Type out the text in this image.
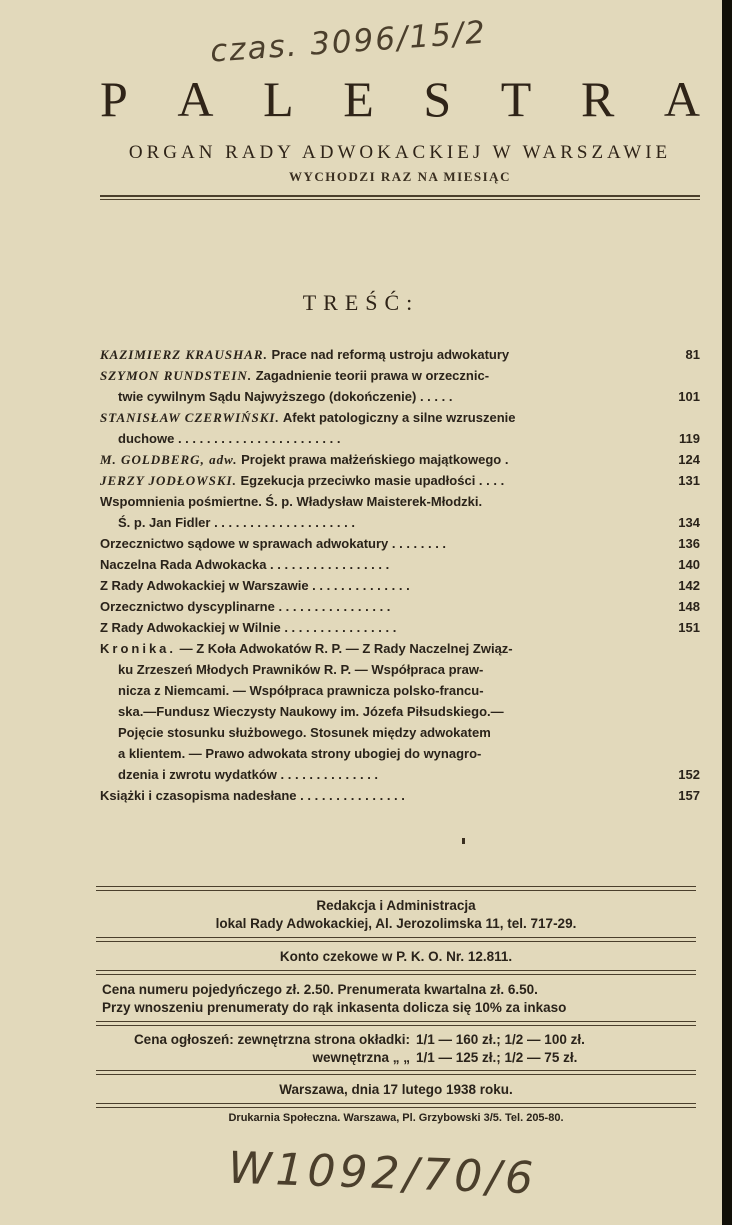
czas. 3096/15/2
P A L E S T R A
ORGAN RADY ADWOKACKIEJ W WARSZAWIE
WYCHODZI RAZ NA MIESIĄC
TREŚĆ:
KAZIMIERZ KRAUSHAR. Prace nad reformą ustroju adwokatury	81
SZYMON RUNDSTEIN. Zagadnienie teorii prawa w orzecznic-
twie cywilnym Sądu Najwyższego (dokończenie) . . . . .	101
STANISŁAW CZERWIŃSKI. Afekt patologiczny a silne wzruszenie
duchowe . . . . . . . . . . . . . . . . . . . . . . .	119
M. GOLDBERG, adw. Projekt prawa małżeńskiego majątkowego .	124
JERZY JODŁOWSKI. Egzekucja przeciwko masie upadłości . . . .	131
Wspomnienia pośmiertne. Ś. p. Władysław Maisterek-Młodzki.
Ś. p. Jan Fidler . . . . . . . . . . . . . . . . . . . .	134
Orzecznictwo sądowe w sprawach adwokatury . . . . . . . .	136
Naczelna Rada Adwokacka . . . . . . . . . . . . . . . . .	140
Z Rady Adwokackiej w Warszawie . . . . . . . . . . . . . .	142
Orzecznictwo dyscyplinarne . . . . . . . . . . . . . . . .	148
Z Rady Adwokackiej w Wilnie . . . . . . . . . . . . . . . .	151
Kronika. — Z Koła Adwokatów R. P. — Z Rady Naczelnej Związ-
ku Zrzeszeń Młodych Prawników R. P. — Współpraca praw-
nicza z Niemcami. — Współpraca prawnicza polsko-francu-
ska.—Fundusz Wieczysty Naukowy im. Józefa Piłsudskiego.—
Pojęcie stosunku służbowego. Stosunek między adwokatem
a klientem. — Prawo adwokata strony ubogiej do wynagro-
dzenia i zwrotu wydatków . . . . . . . . . . . . . .	152
Książki i czasopisma nadesłane . . . . . . . . . . . . . . .	157
Redakcja i Administracja
lokal Rady Adwokackiej, Al. Jerozolimska 11, tel. 717-29.
Konto czekowe w P. K. O. Nr. 12.811.
Cena numeru pojedyńczego zł. 2.50. Prenumerata kwartalna zł. 6.50.
Przy wnoszeniu prenumeraty do rąk inkasenta dolicza się 10% za inkaso
Cena ogłoszeń: zewnętrzna strona okładki: 1/1 — 160 zł.; 1/2 — 100 zł.
wewnętrzna „ „ 1/1 — 125 zł.; 1/2 — 75 zł.
Warszawa, dnia 17 lutego 1938 roku.
Drukarnia Społeczna. Warszawa, Pl. Grzybowski 3/5. Tel. 205-80.
W1092/70/6
